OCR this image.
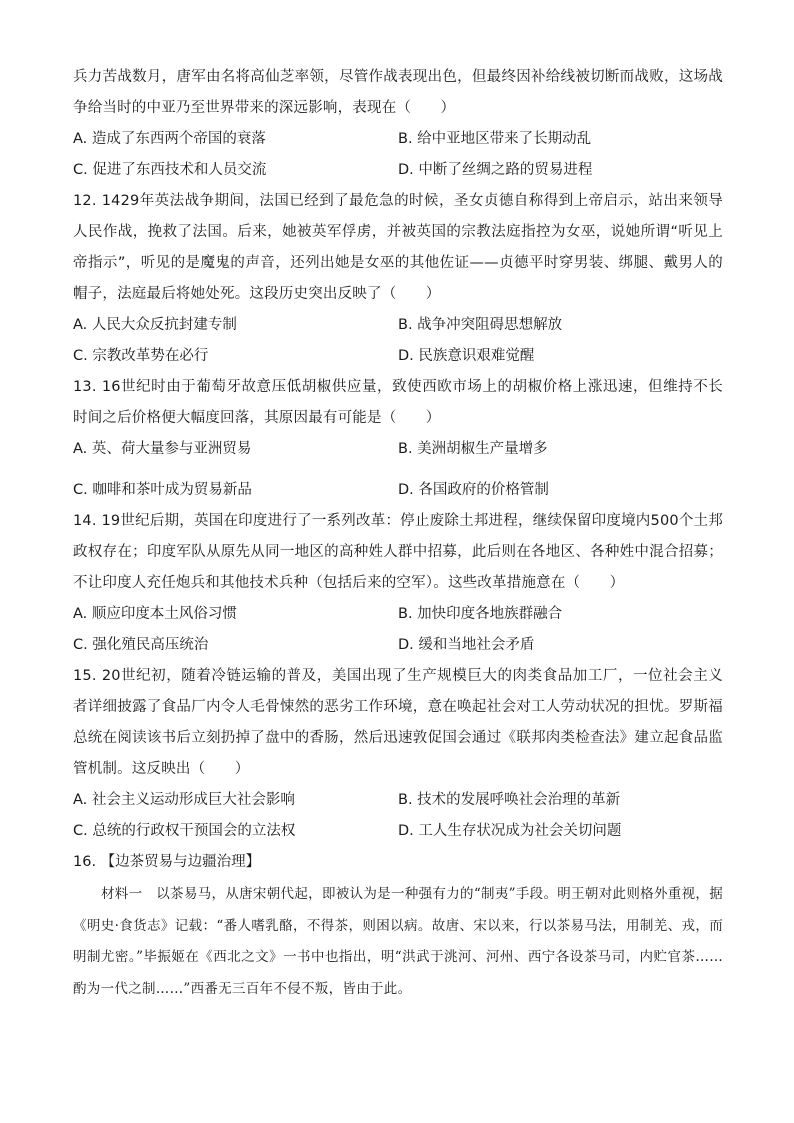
兵力苦战数月，唐军由名将高仙芝率领，尽管作战表现出色，但最终因补给线被切断而战败，这场战争给当时的中亚乃至世界带来的深远影响，表现在（　　）

A. 造成了东西两个帝国的衰落	B. 给中亚地区带来了长期动乱
C. 促进了东西技术和人员交流	D. 中断了丝绸之路的贸易进程

12. 1429年英法战争期间，法国已经到了最危急的时候，圣女贞德自称得到上帝启示，站出来领导人民作战，挽救了法国。后来，她被英军俘虏，并被英国的宗教法庭指控为女巫，说她所谓“听见上帝指示”，听见的是魔鬼的声音，还列出她是女巫的其他佐证——贞德平时穿男装、绑腿、戴男人的帽子，法庭最后将她处死。这段历史突出反映了（　　）

A. 人民大众反抗封建专制	B. 战争冲突阻碍思想解放
C. 宗教改革势在必行	D. 民族意识艰难觉醒

13. 16世纪时由于葡萄牙故意压低胡椒供应量，致使西欧市场上的胡椒价格上涨迅速，但维持不长时间之后价格便大幅度回落，其原因最有可能是（　　）

A. 英、荷大量参与亚洲贸易	B. 美洲胡椒生产量增多
C. 咖啡和茶叶成为贸易新品	D. 各国政府的价格管制

14. 19世纪后期，英国在印度进行了一系列改革：停止废除土邦进程，继续保留印度境内500个土邦政权存在；印度军队从原先从同一地区的高种姓人群中招募，此后则在各地区、各种姓中混合招募；不让印度人充任炮兵和其他技术兵种（包括后来的空军）。这些改革措施意在（　　）

A. 顺应印度本土风俗习惯	B. 加快印度各地族群融合
C. 强化殖民高压统治	D. 缓和当地社会矛盾

15. 20世纪初，随着冷链运输的普及，美国出现了生产规模巨大的肉类食品加工厂，一位社会主义者详细披露了食品厂内令人毛骨悚然的恶劣工作环境，意在唤起社会对工人劳动状况的担忧。罗斯福总统在阅读该书后立刻扔掉了盘中的香肠，然后迅速敦促国会通过《联邦肉类检查法》建立起食品监管机制。这反映出（　　）

A. 社会主义运动形成巨大社会影响	B. 技术的发展呼唤社会治理的革新
C. 总统的行政权干预国会的立法权	D. 工人生存状况成为社会关切问题
16. 【边茶贸易与边疆治理】

材料一　以茶易马，从唐宋朝代起，即被认为是一种强有力的“制夷”手段。明王朝对此则格外重视，据《明史·食货志》记载：“番人嗜乳酪，不得茶，则困以病。故唐、宋以来，行以茶易马法，用制羌、戎，而明制尤密。”毕振姬在《西北之文》一书中也指出，明“洪武于洮河、河州、西宁各设茶马司，内贮官茶……酌为一代之制……”西番无三百年不侵不叛，皆由于此。
